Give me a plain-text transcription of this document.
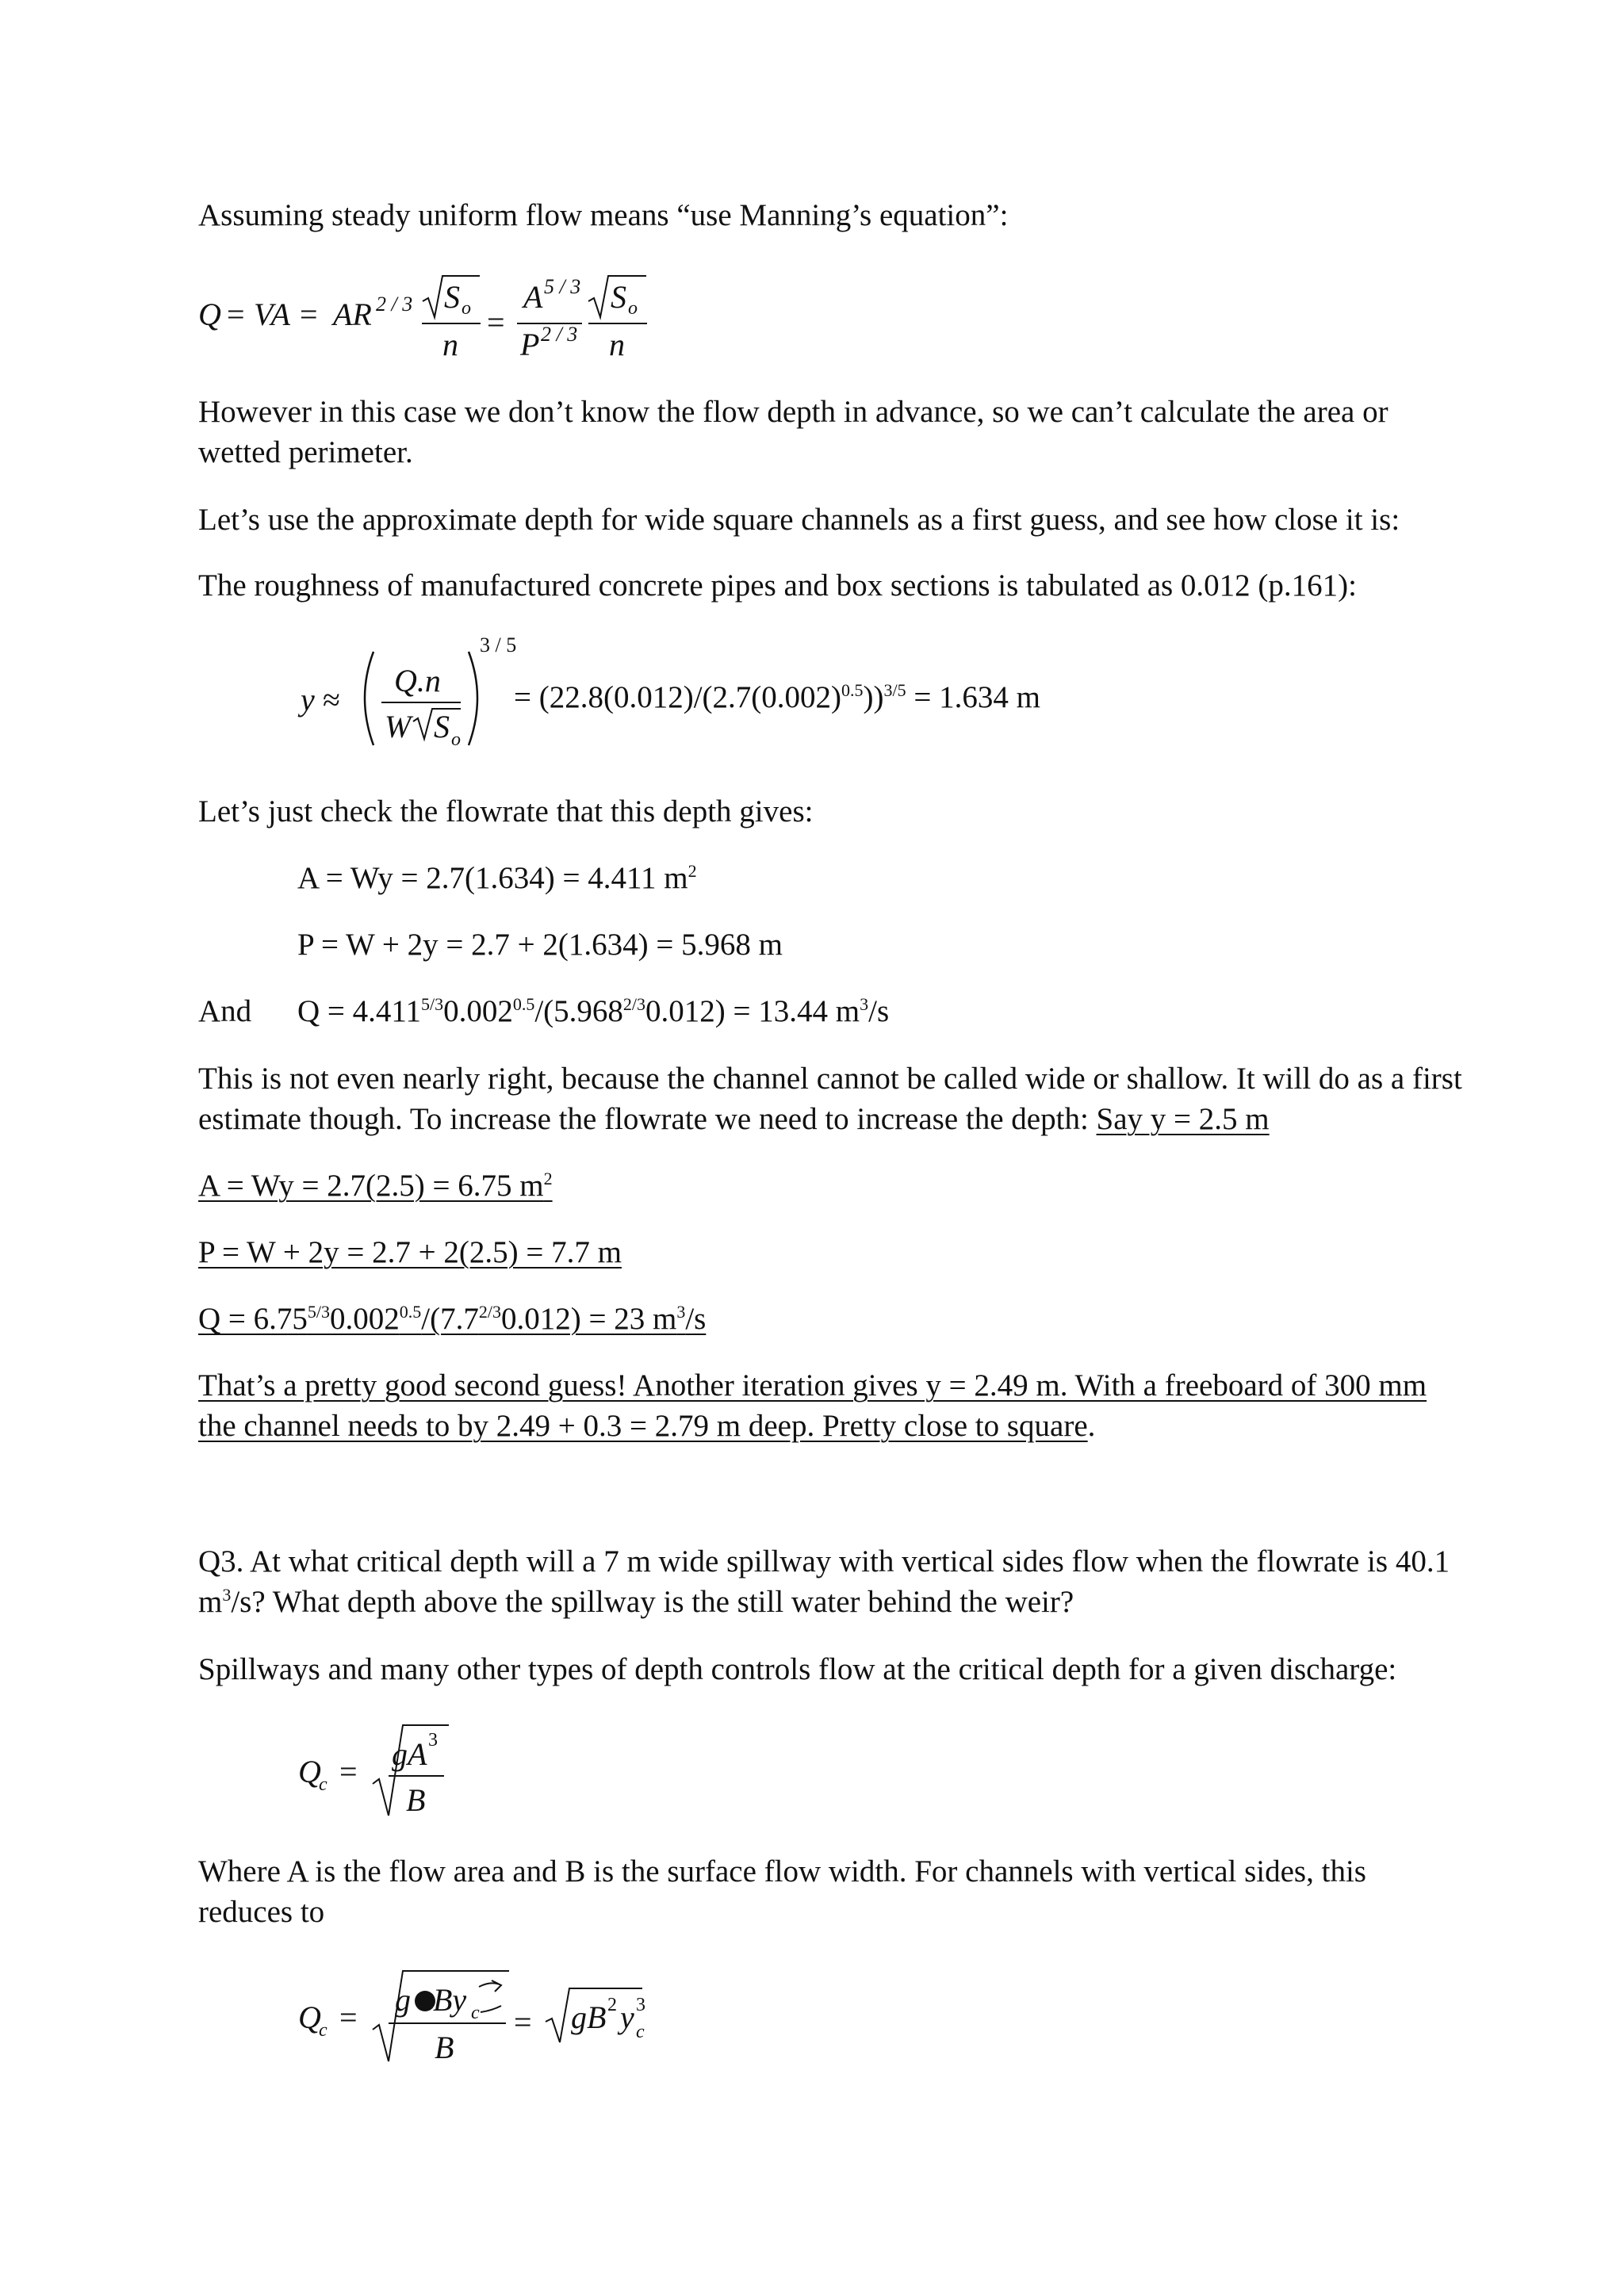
Assuming steady uniform flow means “use Manning’s equation”:

Q = VA = AR 2 / 3 S o
n
=
A 5 / 3
P 2 / 3
S o
n

However in this case we don’t know the flow depth in advance, so we can’t calculate the area or

wetted perimeter.

Let’s use the approximate depth for wide square channels as a first guess, and see how close it is:

The roughness of manufactured concrete pipes and box sections is tabulated as 0.012 (p.161):

y ≈
Q.n
W S o
3 / 5

= $(22.8(0.012)/(2.7(0.002)^{0.5}))^{3/5} = 1.634$ m

Let’s just check the flowrate that this depth gives:

A = Wy = 2.7(1.634) = 4.411 $m^2$

P = W + 2y = 2.7 + 2(1.634) = 5.968 m

And $Q = 4.411^{5/3}0.002^{0.5}/(5.968^{2/3}0.012) = 13.44$ $m^3/s$

This is not even nearly right, because the channel cannot be called wide or shallow. It will do as a first

estimate though. To increase the flowrate we need to increase the depth: Say y = 2.5 m

A = Wy = 2.7(2.5) = 6.75 $m^2$

P = W + 2y = 2.7 + 2(2.5) = 7.7 m

$Q = 6.75^{5/3}0.002^{0.5}/(7.7^{2/3}0.012) = 23$ $m^3/s$

That’s a pretty good second guess! Another iteration gives y = 2.49 m. With a freeboard of 300 mm

the channel needs to by 2.49 + 0.3 = 2.79 m deep. Pretty close to square.

Q3. At what critical depth will a 7 m wide spillway with vertical sides flow when the flowrate is 40.1

$m^3/s$? What depth above the spillway is the still water behind the weir?

Spillways and many other types of depth controls flow at the critical depth for a given discharge:

Q
c = gA 3
B

Where A is the flow area and B is the surface flow width. For channels with vertical sides, this

reduces to

Q
c = g By c
B
= gB 2 y 3
c
